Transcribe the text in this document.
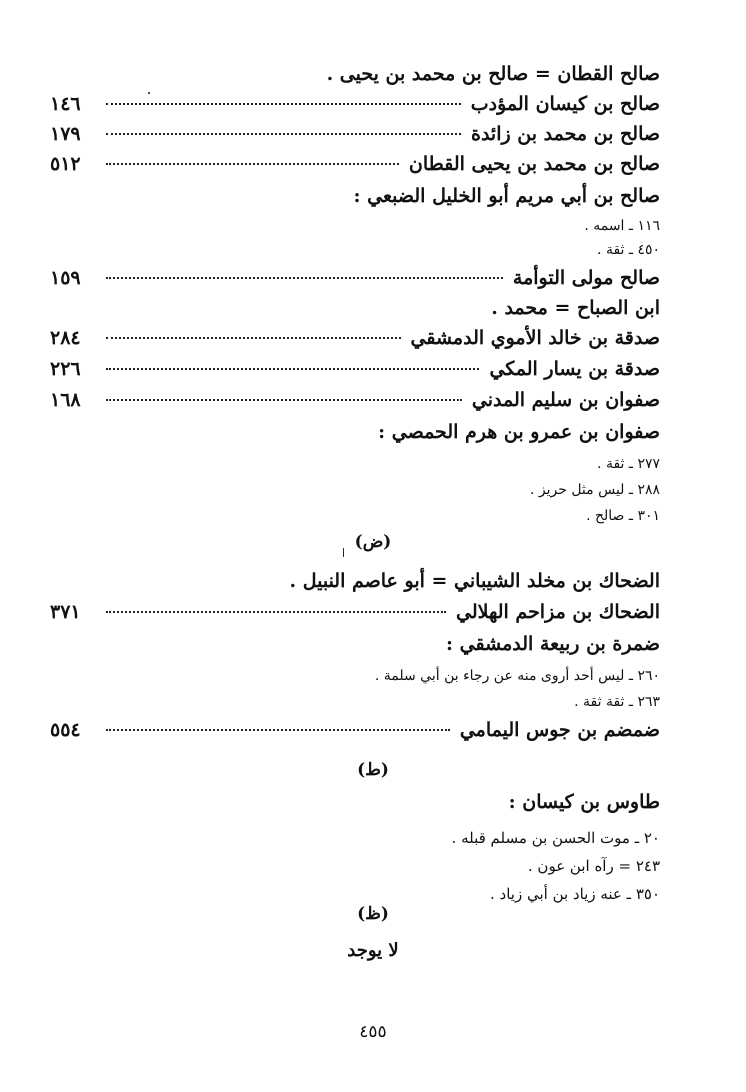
صالح القطان = صالح بن محمد بن يحيى .
صالح بن كيسان المؤدب
١٤٦
صالح بن محمد بن زائدة
١٧٩
صالح بن محمد بن يحيى القطان
٥١٢
صالح بن أبي مريم أبو الخليل الضبعي :
١١٦ ـ اسمه .
٤٥٠ ـ ثقة .
صالح مولى التوأمة
١٥٩
ابن الصباح = محمد .
صدقة بن خالد الأموي الدمشقي
٢٨٤
صدقة بن يسار المكي
٢٢٦
صفوان بن سليم المدني
١٦٨
صفوان بن عمرو بن هرم الحمصي :
٢٧٧ ـ ثقة .
٢٨٨ ـ ليس مثل حريز .
٣٠١ ـ صالح .
(ض)
الضحاك بن مخلد الشيباني = أبو عاصم النبيل .
الضحاك بن مزاحم الهلالي
٣٧١
ضمرة بن ربيعة الدمشقي :
٢٦٠ ـ ليس أحد أروى منه عن رجاء بن أبي سلمة .
٢٦٣ ـ ثقة ثقة .
ضمضم بن جوس اليمامي
٥٥٤
(ط)
طاوس بن كيسان :
٢٠ ـ موت الحسن بن مسلم قبله .
٢٤٣ = رآه ابن عون .
٣٥٠ ـ عنه زياد بن أبي زياد .
(ظ)
لا يوجد
٤٥٥
